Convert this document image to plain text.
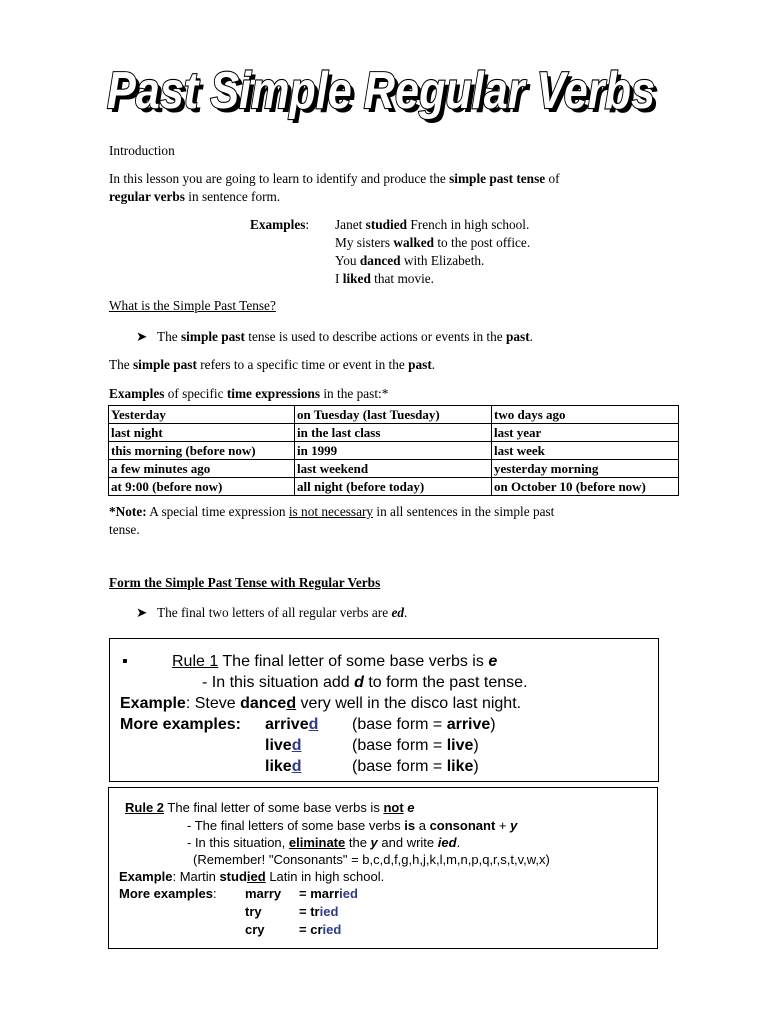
Past Simple Regular Verbs
Past Simple Regular Verbs
Introduction
In this lesson you are going to learn to identify and produce the simple past tense of
regular verbs in sentence form.
Examples: Janet studied French in high school.
My sisters walked to the post office.
You danced with Elizabeth.
I liked that movie.
What is the Simple Past Tense?
➤ The simple past tense is used to describe actions or events in the past.
The simple past refers to a specific time or event in the past.
Examples of specific time expressions in the past:*
Yesterday	on Tuesday (last Tuesday)	two days ago
last night	in the last class	last year
this morning (before now)	in 1999	last week
a few minutes ago	last weekend	yesterday morning
at 9:00 (before now)	all night (before today)	on October 10 (before now)
*Note: A special time expression is not necessary in all sentences in the simple past
tense.
Form the Simple Past Tense with Regular Verbs
➤ The final two letters of all regular verbs are ed.
▪	Rule 1 The final letter of some base verbs is e
- In this situation add d to form the past tense.
Example: Steve danced very well in the disco last night.
More examples: arrived (base form = arrive)
lived	(base form = live)
liked	(base form = like)
Rule 2 The final letter of some base verbs is not e
- The final letters of some base verbs is a consonant + y
- In this situation, eliminate the y and write ied.
(Remember! "Consonants" = b,c,d,f,g,h,j,k,l,m,n,p,q,r,s,t,v,w,x)
Example: Martin studied Latin in high school.
More examples: marry = married
try	= tried
cry	= cried
